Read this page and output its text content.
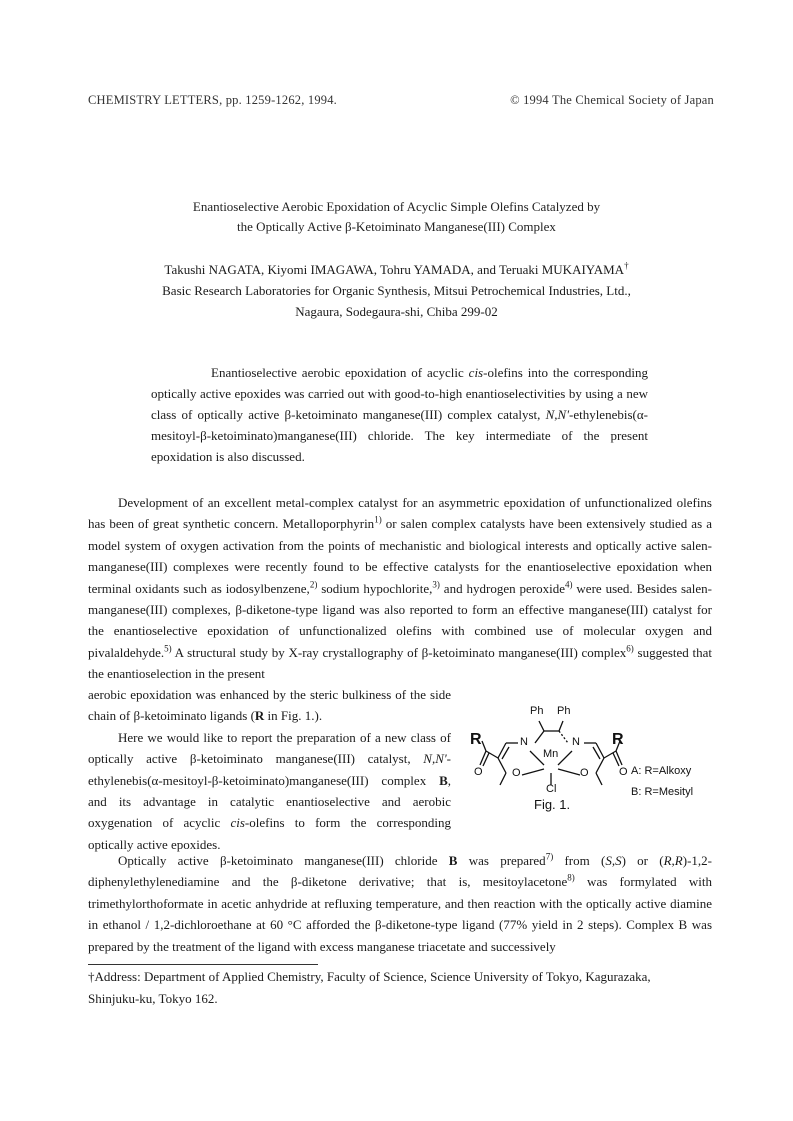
CHEMISTRY LETTERS, pp. 1259-1262, 1994.	© 1994 The Chemical Society of Japan
Enantioselective Aerobic Epoxidation of Acyclic Simple Olefins Catalyzed by
the Optically Active β-Ketoiminato Manganese(III) Complex
Takushi NAGATA, Kiyomi IMAGAWA, Tohru YAMADA, and Teruaki MUKAIYAMA†
Basic Research Laboratories for Organic Synthesis, Mitsui Petrochemical Industries, Ltd.,
Nagaura, Sodegaura-shi, Chiba 299-02
Enantioselective aerobic epoxidation of acyclic cis-olefins into the corresponding optically active epoxides was carried out with good-to-high enantioselectivities by using a new class of optically active β-ketoiminato manganese(III) complex catalyst, N,N'-ethylenebis(α-mesitoyl-β-ketoiminato)manganese(III) chloride. The key intermediate of the present epoxidation is also discussed.
Development of an excellent metal-complex catalyst for an asymmetric epoxidation of unfunctionalized olefins has been of great synthetic concern. Metalloporphyrin$^{1)}$ or salen complex catalysts have been extensively studied as a model system of oxygen activation from the points of mechanistic and biological interests and optically active salen-manganese(III) complexes were recently found to be effective catalysts for the enantioselective epoxidation when terminal oxidants such as iodosylbenzene,$^{2)}$ sodium hypochlorite,$^{3)}$ and hydrogen peroxide$^{4)}$ were used. Besides salen-manganese(III) complexes, β-diketone-type ligand was also reported to form an effective manganese(III) catalyst for the enantioselective epoxidation of unfunctionalized olefins with combined use of molecular oxygen and pivalaldehyde.$^{5)}$ A structural study by X-ray crystallography of β-ketoiminato manganese(III) complex$^{6)}$ suggested that the enantioselection in the present

aerobic epoxidation was enhanced by the steric bulkiness of the side chain of β-ketoiminato ligands (R in Fig. 1.).

Here we would like to report the preparation of a new class of optically active β-ketoiminato manganese(III) catalyst, N,N'-ethylenebis(α-mesitoyl-β-ketoiminato)manganese(III) complex B, and its advantage in catalytic enantioselective and aerobic oxygenation of acyclic cis-olefins to form the corresponding optically active epoxides.

Optically active β-ketoiminato manganese(III) chloride B was prepared$^{7)}$ from (S,S) or (R,R)-1,2-diphenylethylenediamine and the β-diketone derivative; that is, mesitoylacetone$^{8)}$ was formylated with trimethylorthoformate in acetic anhydride at refluxing temperature, and then reaction with the optically active diamine in ethanol / 1,2-dichloroethane at 60 °C afforded the β-diketone-type ligand (77% yield in 2 steps). Complex B was prepared by the treatment of the ligand with excess manganese triacetate and successively
Ph Ph
R	R
N	N
Mn
O	O	O	O
Cl
Fig. 1.
A: R=Alkoxy
B: R=Mesityl
†Address: Department of Applied Chemistry, Faculty of Science, Science University of Tokyo, Kagurazaka,
Shinjuku-ku, Tokyo 162.
